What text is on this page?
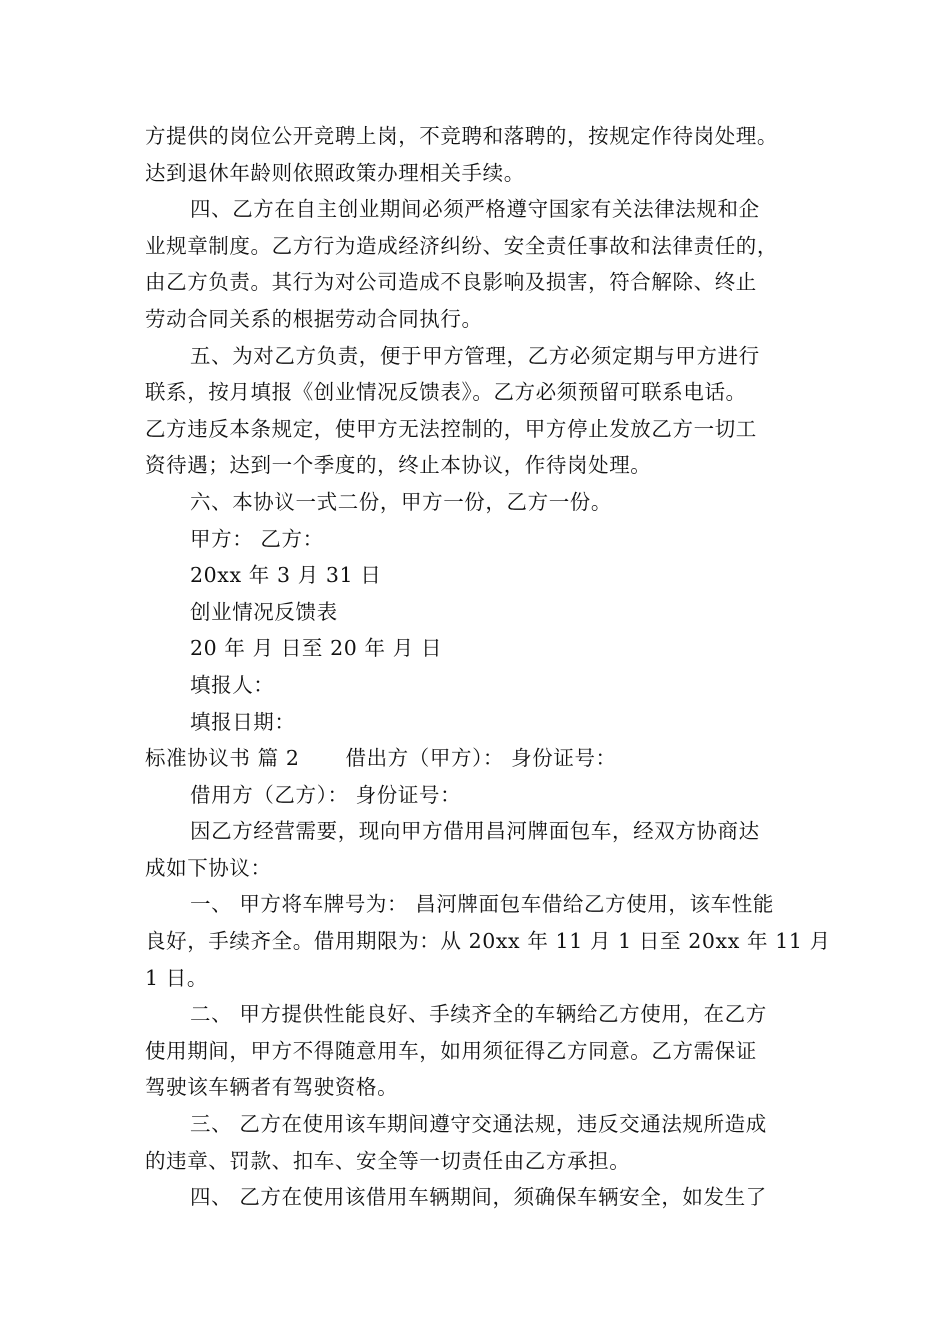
方提供的岗位公开竞聘上岗，不竞聘和落聘的，按规定作待岗处理。
达到退休年龄则依照政策办理相关手续。
四、乙方在自主创业期间必须严格遵守国家有关法律法规和企
业规章制度。乙方行为造成经济纠纷、安全责任事故和法律责任的，
由乙方负责。其行为对公司造成不良影响及损害，符合解除、终止
劳动合同关系的根据劳动合同执行。
五、为对乙方负责，便于甲方管理，乙方必须定期与甲方进行
联系，按月填报《创业情况反馈表》。乙方必须预留可联系电话。
乙方违反本条规定，使甲方无法控制的，甲方停止发放乙方一切工
资待遇；达到一个季度的，终止本协议，作待岗处理。
六、本协议一式二份，甲方一份，乙方一份。
甲方： 乙方：
20xx 年 3 月 31 日
创业情况反馈表
20 年 月 日至 20 年 月 日
填报人：
填报日期：
标准协议书 篇 2 借出方（甲方）： 身份证号：
借用方（乙方）： 身份证号：
因乙方经营需要，现向甲方借用昌河牌面包车，经双方协商达
成如下协议：
一、 甲方将车牌号为： 昌河牌面包车借给乙方使用，该车性能
良好，手续齐全。借用期限为：从 20xx 年 11 月 1 日至 20xx 年 11 月
1 日。
二、 甲方提供性能良好、手续齐全的车辆给乙方使用，在乙方
使用期间，甲方不得随意用车，如用须征得乙方同意。乙方需保证
驾驶该车辆者有驾驶资格。
三、 乙方在使用该车期间遵守交通法规，违反交通法规所造成
的违章、罚款、扣车、安全等一切责任由乙方承担。
四、 乙方在使用该借用车辆期间，须确保车辆安全，如发生了
